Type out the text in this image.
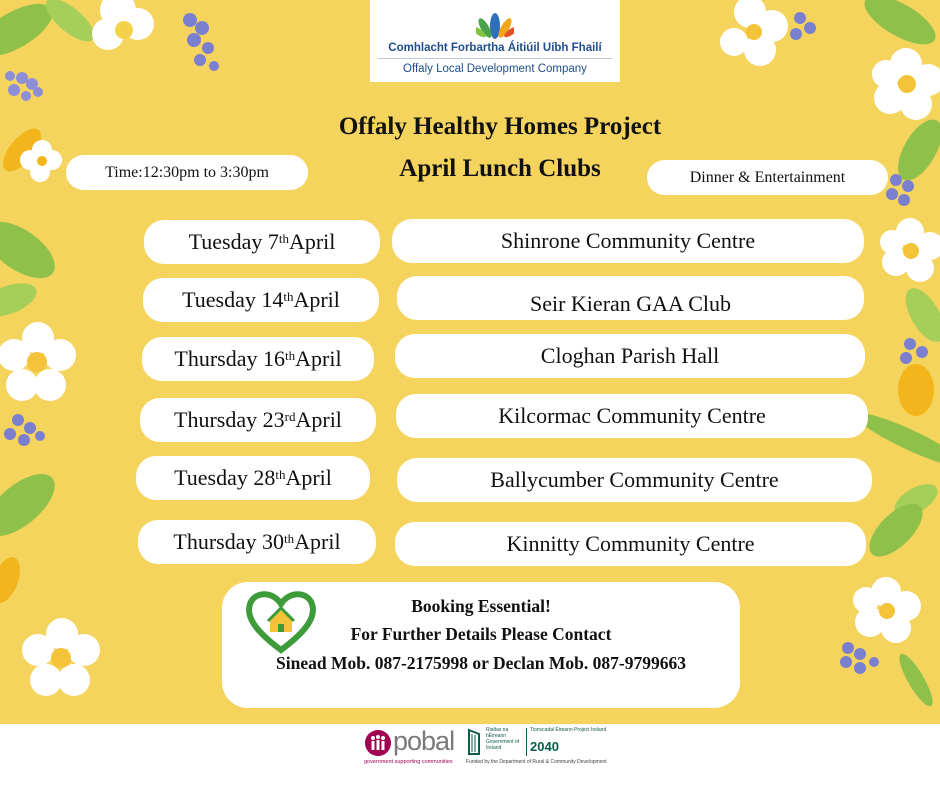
Comhlacht Forbartha Áitiúil Uíbh Fhailí
Offaly Local Development Company
Offaly Healthy Homes Project
April Lunch Clubs
Time:12:30pm to 3:30pm	Dinner & Entertainment
Tuesday 7th April	Shinrone Community Centre
Tuesday 14th April	Seir Kieran GAA Club
Thursday 16th April	Cloghan Parish Hall
Thursday 23rd April	Kilcormac Community Centre
Tuesday 28th April	Ballycumber Community Centre
Thursday 30th April	Kinnitty Community Centre
Booking Essential!
For Further Details Please Contact
Sinead Mob. 087-2175998 or Declan Mob. 087-9799663
pobal
government supporting communities
Rialtas na hÉireann Government of Ireland
Tionscadal Éireann Project Ireland
2040
Funded by the Department of Rural & Community Development
